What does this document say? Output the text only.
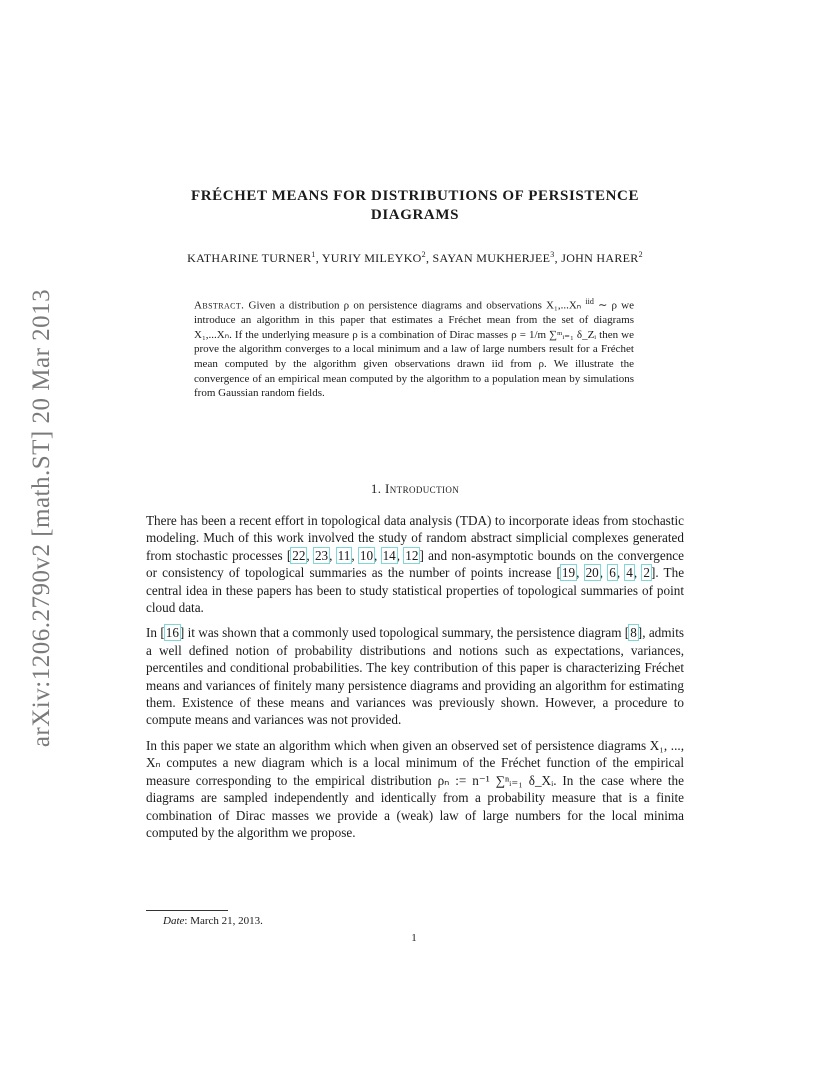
arXiv:1206.2790v2 [math.ST] 20 Mar 2013
FRÉCHET MEANS FOR DISTRIBUTIONS OF PERSISTENCE
DIAGRAMS
KATHARINE TURNER$^1$, YURIY MILEYKO$^2$, SAYAN MUKHERJEE$^3$, JOHN HARER$^2$
Abstract. Given a distribution ρ on persistence diagrams and observations X₁,...Xₙ $^{iid}$ ∼ ρ we introduce an algorithm in this paper that estimates a Fréchet mean from the set of diagrams X₁,...Xₙ. If the underlying measure ρ is a combination of Dirac masses ρ = 1/m ∑ᵐᵢ₌₁ δ_Zᵢ then we prove the algorithm converges to a local minimum and a law of large numbers result for a Fréchet mean computed by the algorithm given observations drawn iid from ρ. We illustrate the convergence of an empirical mean computed by the algorithm to a population mean by simulations from Gaussian random fields.
1. Introduction

There has been a recent effort in topological data analysis (TDA) to incorporate ideas from stochastic modeling. Much of this work involved the study of random abstract simplicial complexes generated from stochastic processes [22, 23, 11, 10, 14, 12] and non-asymptotic bounds on the convergence or consistency of topological summaries as the number of points increase [19, 20, 6, 4, 2]. The central idea in these papers has been to study statistical properties of topological summaries of point cloud data.

In [16] it was shown that a commonly used topological summary, the persistence diagram [8], admits a well defined notion of probability distributions and notions such as expectations, variances, percentiles and conditional probabilities. The key contribution of this paper is characterizing Fréchet means and variances of finitely many persistence diagrams and providing an algorithm for estimating them. Existence of these means and variances was previously shown. However, a procedure to compute means and variances was not provided.

In this paper we state an algorithm which when given an observed set of persistence diagrams X₁, ..., Xₙ computes a new diagram which is a local minimum of the Fréchet function of the empirical measure corresponding to the empirical distribution ρₙ := n⁻¹ ∑ⁿᵢ₌₁ δ_Xᵢ. In the case where the diagrams are sampled independently and identically from a probability measure that is a finite combination of Dirac masses we provide a (weak) law of large numbers for the local minima computed by the algorithm we propose.

Date: March 21, 2013.
1
